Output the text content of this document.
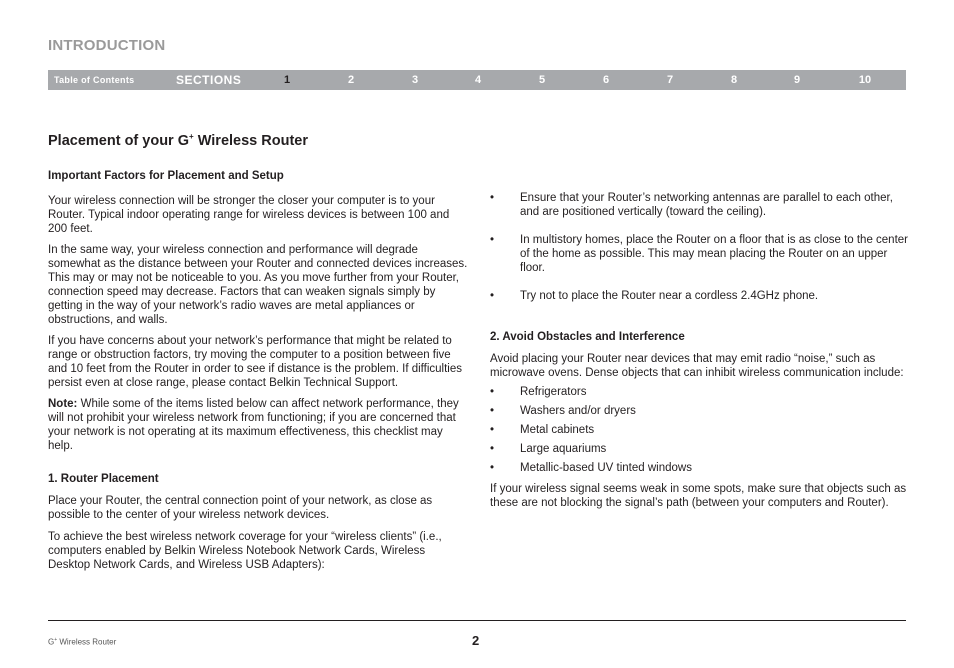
INTRODUCTION
Table of Contents	SECTIONS	1	2	3	4	5	6	7	8	9	10
Placement of your G+ Wireless Router

Important Factors for Placement and Setup

Your wireless connection will be stronger the closer your computer is to your Router. Typical indoor operating range for wireless devices is between 100 and 200 feet.

In the same way, your wireless connection and performance will degrade somewhat as the distance between your Router and connected devices increases. This may or may not be noticeable to you. As you move further from your Router, connection speed may decrease. Factors that can weaken signals simply by getting in the way of your network’s radio waves are metal appliances or obstructions, and walls.

If you have concerns about your network’s performance that might be related to range or obstruction factors, try moving the computer to a position between five and 10 feet from the Router in order to see if distance is the problem. If difficulties persist even at close range, please contact Belkin Technical Support.

Note: While some of the items listed below can affect network performance, they will not prohibit your wireless network from functioning; if you are concerned that your network is not operating at its maximum effectiveness, this checklist may help.

1. Router Placement

Place your Router, the central connection point of your network, as close as possible to the center of your wireless network devices.

To achieve the best wireless network coverage for your “wireless clients” (i.e., computers enabled by Belkin Wireless Notebook Network Cards, Wireless Desktop Network Cards, and Wireless USB Adapters):

• Ensure that your Router’s networking antennas are parallel to each other, and are positioned vertically (toward the ceiling).

• In multistory homes, place the Router on a floor that is as close to the center of the home as possible. This may mean placing the Router on an upper floor.

• Try not to place the Router near a cordless 2.4GHz phone.

2. Avoid Obstacles and Interference

Avoid placing your Router near devices that may emit radio “noise,” such as microwave ovens. Dense objects that can inhibit wireless communication include:

• Refrigerators

• Washers and/or dryers

• Metal cabinets

• Large aquariums

• Metallic-based UV tinted windows

If your wireless signal seems weak in some spots, make sure that objects such as these are not blocking the signal’s path (between your computers and Router).

G+ Wireless Router	2
